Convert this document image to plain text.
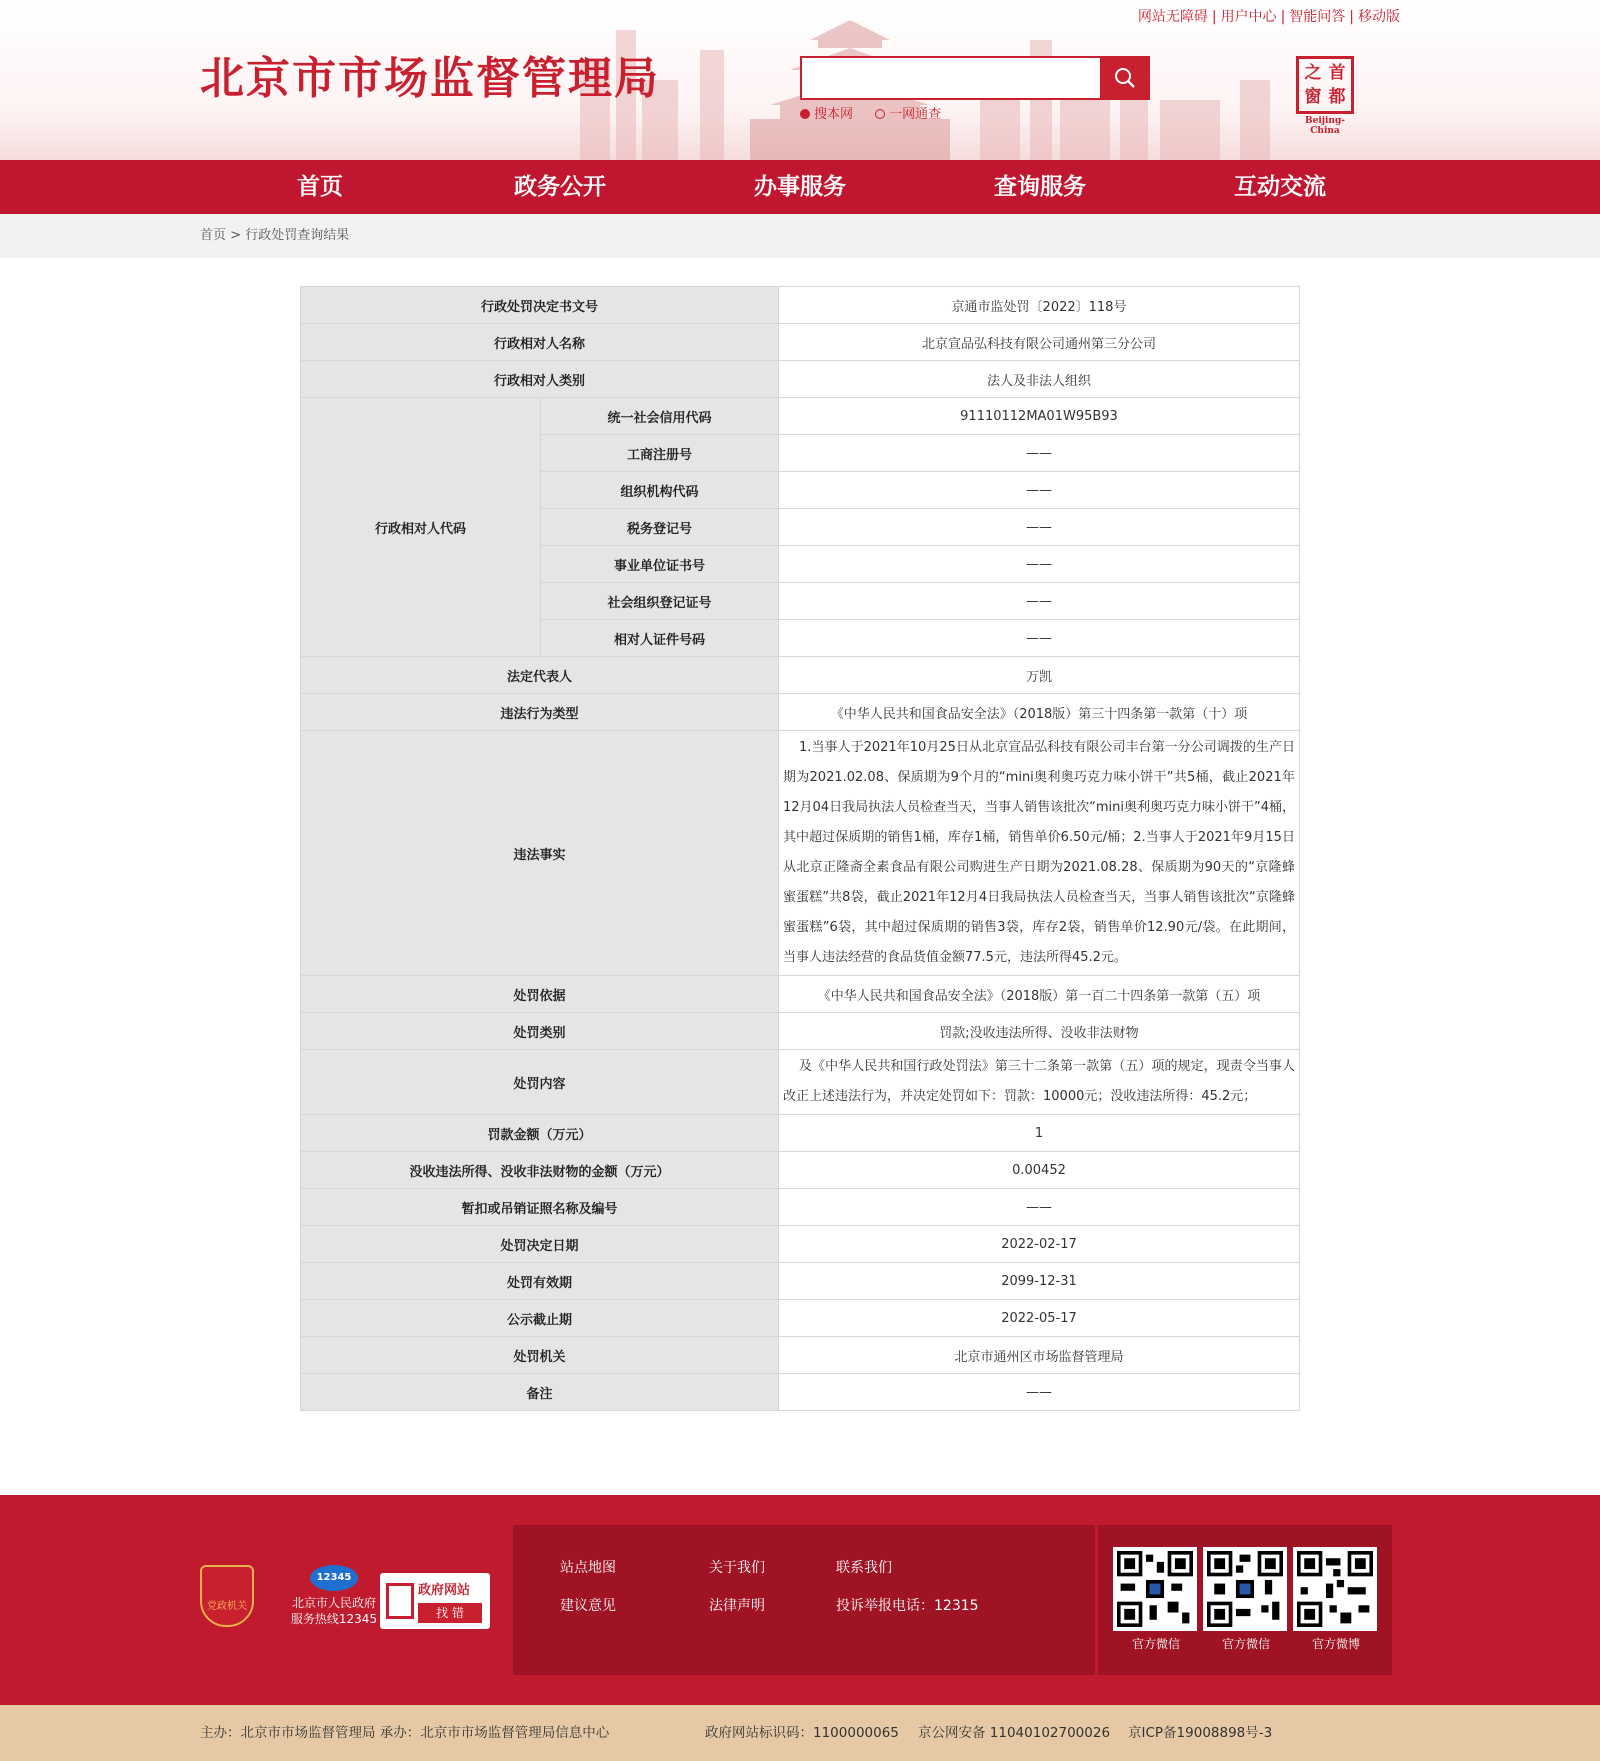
北京市市场监督管理局
网站无障碍 | 用户中心 | 智能问答 | 移动版
搜本网	一网通查
之 首
窗 都
Beijing-China
首页	政务公开	办事服务	查询服务	互动交流
首页 > 行政处罚查询结果
行政处罚决定书文号		京通市监处罚〔2022〕118号
行政相对人名称		北京宣品弘科技有限公司通州第三分公司
行政相对人类别		法人及非法人组织
行政相对人代码	统一社会信用代码	91110112MA01W95B93
	工商注册号	——
	组织机构代码	——
	税务登记号	——
	事业单位证书号	——
	社会组织登记证号	——
	相对人证件号码	——
法定代表人		万凯
违法行为类型		《中华人民共和国食品安全法》（2018版）第三十四条第一款第（十）项
违法事实		1.当事人于2021年10月25日从北京宣品弘科技有限公司丰台第一分公司调拨的生产日期为2021.02.08、保质期为9个月的“mini奥利奥巧克力味小饼干”共5桶，截止2021年12月04日我局执法人员检查当天，当事人销售该批次“mini奥利奥巧克力味小饼干”4桶，其中超过保质期的销售1桶，库存1桶，销售单价6.50元/桶；2.当事人于2021年9月15日从北京正隆斋全素食品有限公司购进生产日期为2021.08.28、保质期为90天的“京隆蜂蜜蛋糕”共8袋，截止2021年12月4日我局执法人员检查当天，当事人销售该批次“京隆蜂蜜蛋糕”6袋，其中超过保质期的销售3袋，库存2袋，销售单价12.90元/袋。在此期间，当事人违法经营的食品货值金额77.5元，违法所得45.2元。
处罚依据		《中华人民共和国食品安全法》（2018版）第一百二十四条第一款第（五）项
处罚类别		罚款;没收违法所得、没收非法财物
处罚内容		及《中华人民共和国行政处罚法》第三十二条第一款第（五）项的规定，现责令当事人改正上述违法行为，并决定处罚如下：罚款：10000元；没收违法所得：45.2元；
罚款金额（万元）		1
没收违法所得、没收非法财物的金额（万元）		0.00452
暂扣或吊销证照名称及编号		——
处罚决定日期		2022-02-17
处罚有效期		2099-12-31
公示截止期		2022-05-17
处罚机关		北京市通州区市场监督管理局
备注		——
党政机关
12345
北京市人民政府
服务热线12345
政府网站
找 错
站点地图	关于我们	联系我们
建议意见	法律声明	投诉举报电话：12315
官方微信	官方微信	官方微博
主办：北京市市场监督管理局 承办：北京市市场监督管理局信息中心	政府网站标识码：1100000065 京公网安备 11040102700026 京ICP备19008898号-3
